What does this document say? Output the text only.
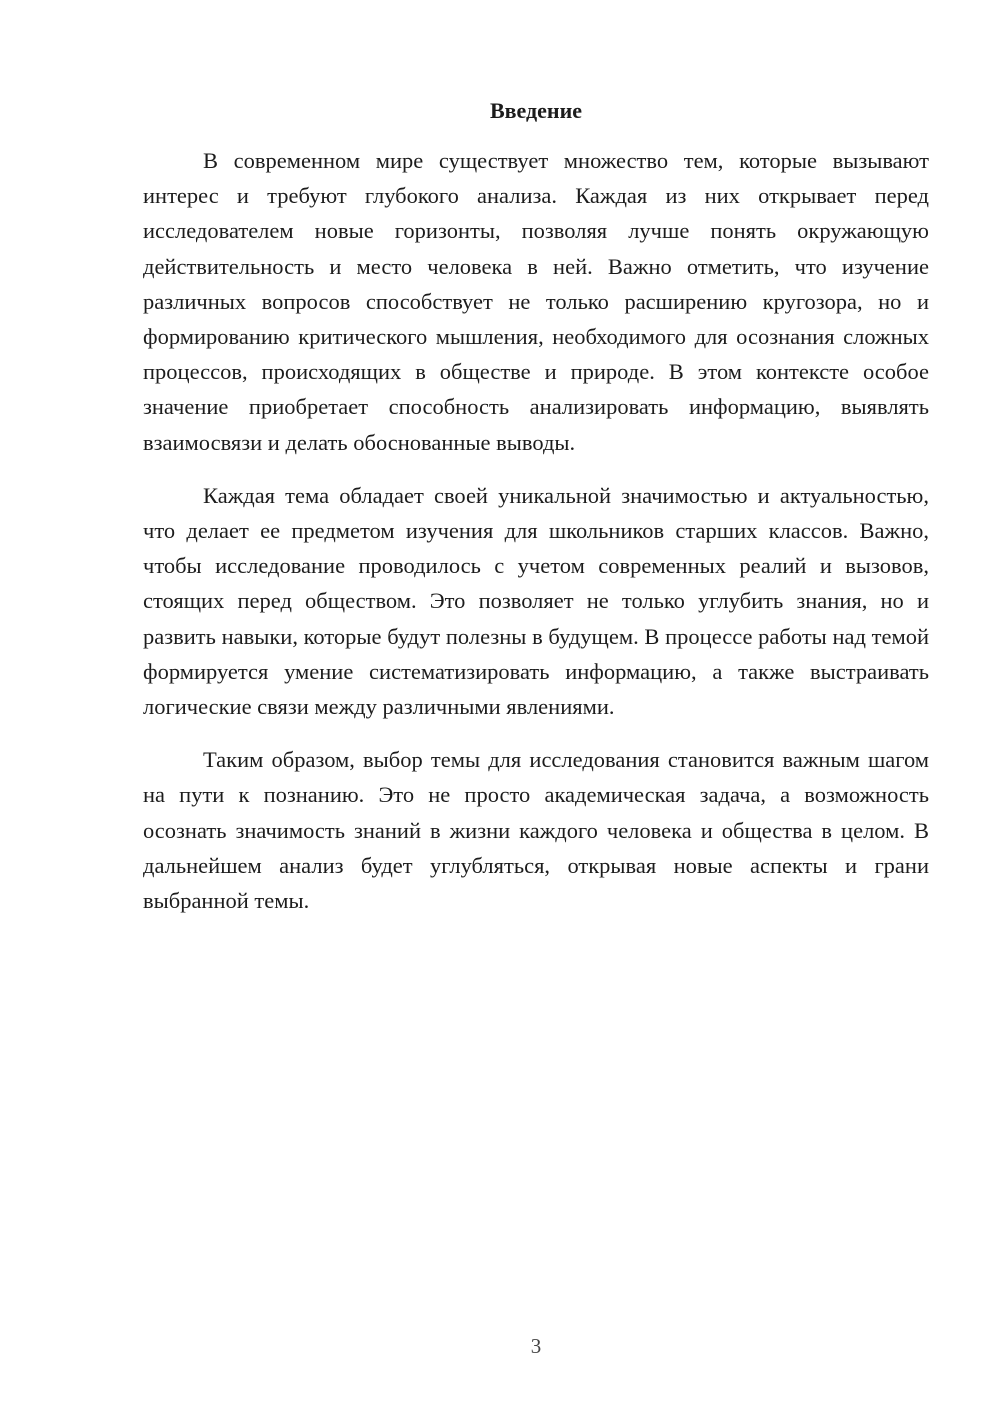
Введение

В современном мире существует множество тем, которые вызывают интерес и требуют глубокого анализа. Каждая из них открывает перед исследователем новые горизонты, позволяя лучше понять окружающую действительность и место человека в ней. Важно отметить, что изучение различных вопросов способствует не только расширению кругозора, но и формированию критического мышления, необходимого для осознания сложных процессов, происходящих в обществе и природе. В этом контексте особое значение приобретает способность анализировать информацию, выявлять взаимосвязи и делать обоснованные выводы.

Каждая тема обладает своей уникальной значимостью и актуальностью, что делает ее предметом изучения для школьников старших классов. Важно, чтобы исследование проводилось с учетом современных реалий и вызовов, стоящих перед обществом. Это позволяет не только углубить знания, но и развить навыки, которые будут полезны в будущем. В процессе работы над темой формируется умение систематизировать информацию, а также выстраивать логические связи между различными явлениями.

Таким образом, выбор темы для исследования становится важным шагом на пути к познанию. Это не просто академическая задача, а возможность осознать значимость знаний в жизни каждого человека и общества в целом. В дальнейшем анализ будет углубляться, открывая новые аспекты и грани выбранной темы.

3
